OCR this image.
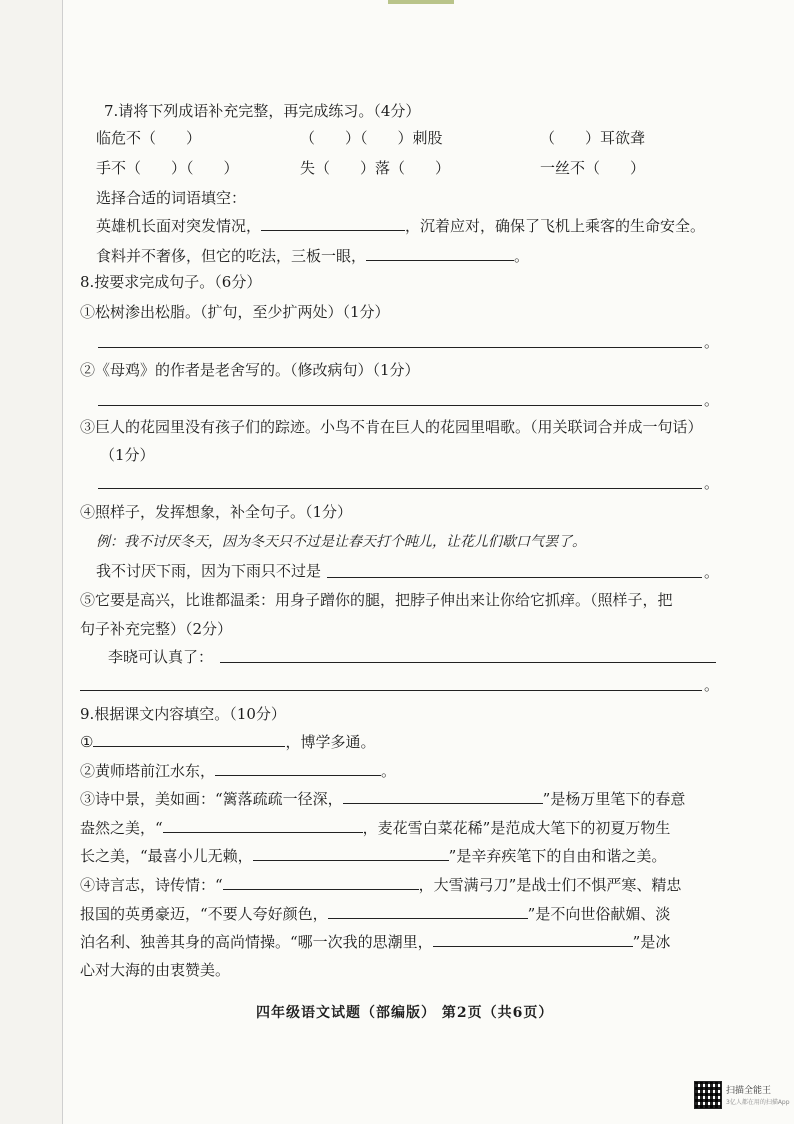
7.请将下列成语补充完整，再完成练习。（4分）
临危不（　　）	（　　）（　　）刺股	（　　）耳欲聋
手不（　　）（　　）	失（　　）落（　　）	一丝不（　　）
选择合适的词语填空：
英雄机长面对突发情况，	，沉着应对，确保了飞机上乘客的生命安全。
食料并不奢侈，但它的吃法，三板一眼，	。
8.按要求完成句子。（6分）
①松树渗出松脂。（扩句，至少扩两处）（1分）
。
②《母鸡》的作者是老舍写的。（修改病句）（1分）
。
③巨人的花园里没有孩子们的踪迹。小鸟不肯在巨人的花园里唱歌。（用关联词合并成一句话）
（1分）
。
④照样子，发挥想象，补全句子。（1分）
例：我不讨厌冬天，因为冬天只不过是让春天打个盹儿，让花儿们歇口气罢了。
我不讨厌下雨，因为下雨只不过是	。
⑤它要是高兴，比谁都温柔：用身子蹭你的腿，把脖子伸出来让你给它抓痒。（照样子，把
句子补充完整）（2分）
李晓可认真了：
。
9.根据课文内容填空。（10分）
①	，博学多通。
②黄师塔前江水东，	。
③诗中景，美如画：“篱落疏疏一径深，	”是杨万里笔下的春意
盎然之美，“	，麦花雪白菜花稀”是范成大笔下的初夏万物生
长之美，“最喜小儿无赖，	”是辛弃疾笔下的自由和谐之美。
④诗言志，诗传情：“	，大雪满弓刀”是战士们不惧严寒、精忠
报国的英勇豪迈，“不要人夸好颜色，	”是不向世俗献媚、淡
泊名利、独善其身的高尚情操。“哪一次我的思潮里，	”是冰
心对大海的由衷赞美。
四年级语文试题（部编版） 第2页（共6页）
扫描全能王
3亿人都在用的扫描App
